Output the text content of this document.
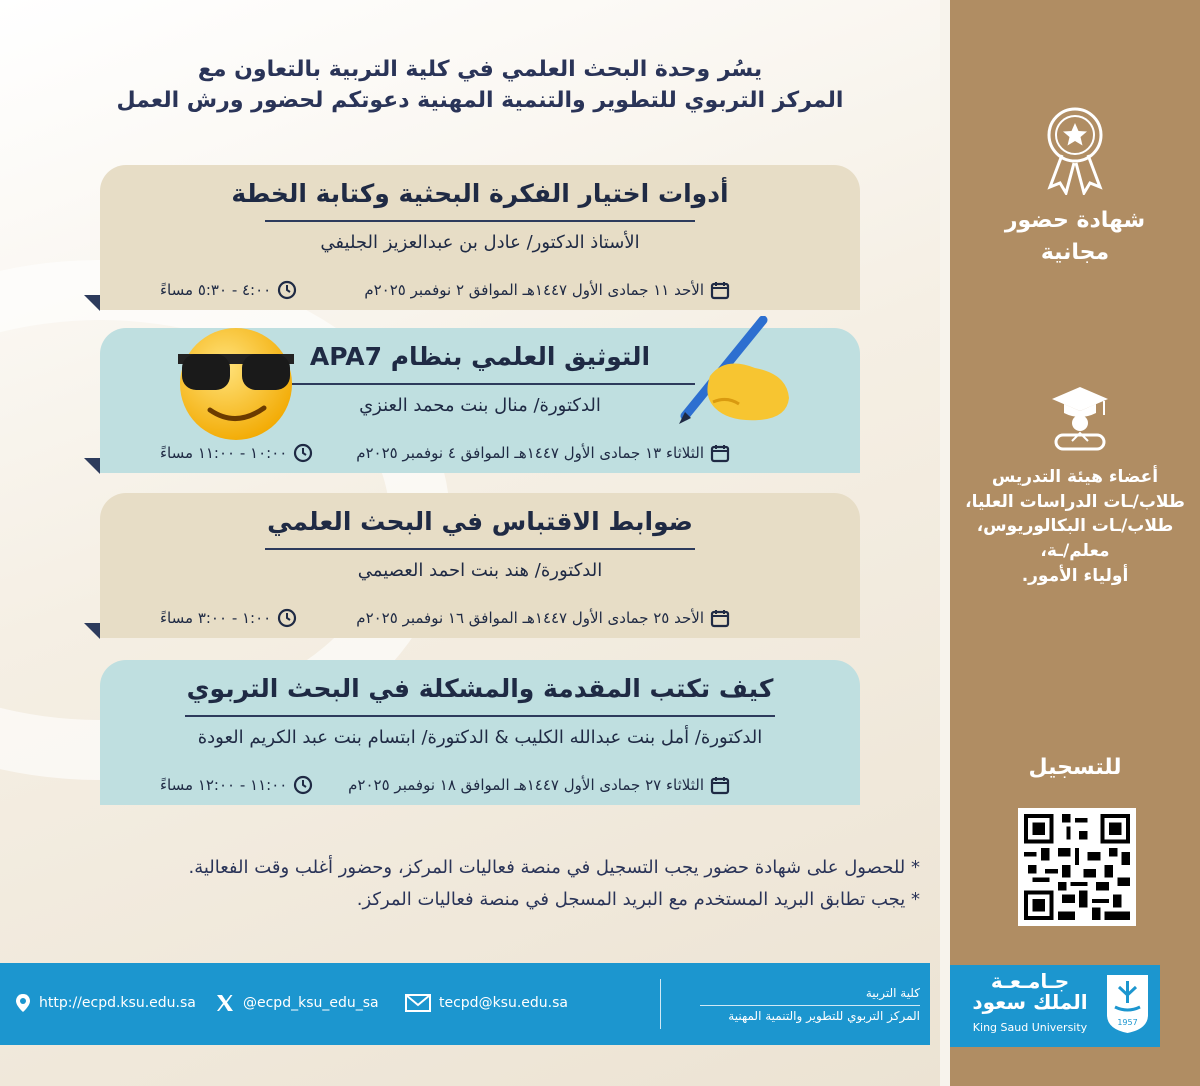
يسُر وحدة البحث العلمي في كلية التربية بالتعاون مع
المركز التربوي للتطوير والتنمية المهنية دعوتكم لحضور ورش العمل
أدوات اختيار الفكرة البحثية وكتابة الخطة
الأستاذ الدكتور/ عادل بن عبدالعزيز الجليفي
الأحد ١١ جمادى الأول ١٤٤٧هـ الموافق ٢ نوفمبر ٢٠٢٥م
٤:٠٠ - ٥:٣٠ مساءً
التوثيق العلمي بنظام APA7
الدكتورة/ منال بنت محمد العنزي
الثلاثاء ١٣ جمادى الأول ١٤٤٧هـ الموافق ٤ نوفمبر ٢٠٢٥م
١٠:٠٠ - ١١:٠٠ مساءً
ضوابط الاقتباس في البحث العلمي
الدكتورة/ هند بنت احمد العصيمي
الأحد ٢٥ جمادى الأول ١٤٤٧هـ الموافق ١٦ نوفمبر ٢٠٢٥م
١:٠٠ - ٣:٠٠ مساءً
كيف تكتب المقدمة والمشكلة في البحث التربوي
الدكتورة/ أمل بنت عبدالله الكليب & الدكتورة/ ابتسام بنت عبد الكريم العودة
الثلاثاء ٢٧ جمادى الأول ١٤٤٧هـ الموافق ١٨ نوفمبر ٢٠٢٥م
١١:٠٠ - ١٢:٠٠ مساءً

* للحصول على شهادة حضور يجب التسجيل في منصة فعاليات المركز، وحضور أغلب وقت الفعالية.

* يجب تطابق البريد المستخدم مع البريد المسجل في منصة فعاليات المركز.

شهادة حضور
مجانية
أعضاء هيئة التدريس
طلاب/ـات الدراسات العليا،
طلاب/ـات البكالوريوس،
معلم/ـة،
أولياء الأمور.
للتسجيل
http://ecpd.ksu.edu.sa	@ecpd_ksu_edu_sa	tecpd@ksu.edu.sa
كلية التربية
المركز التربوي للتطوير والتنمية المهنية
جـامـعـة
الملك سعود
King Saud University	1957
